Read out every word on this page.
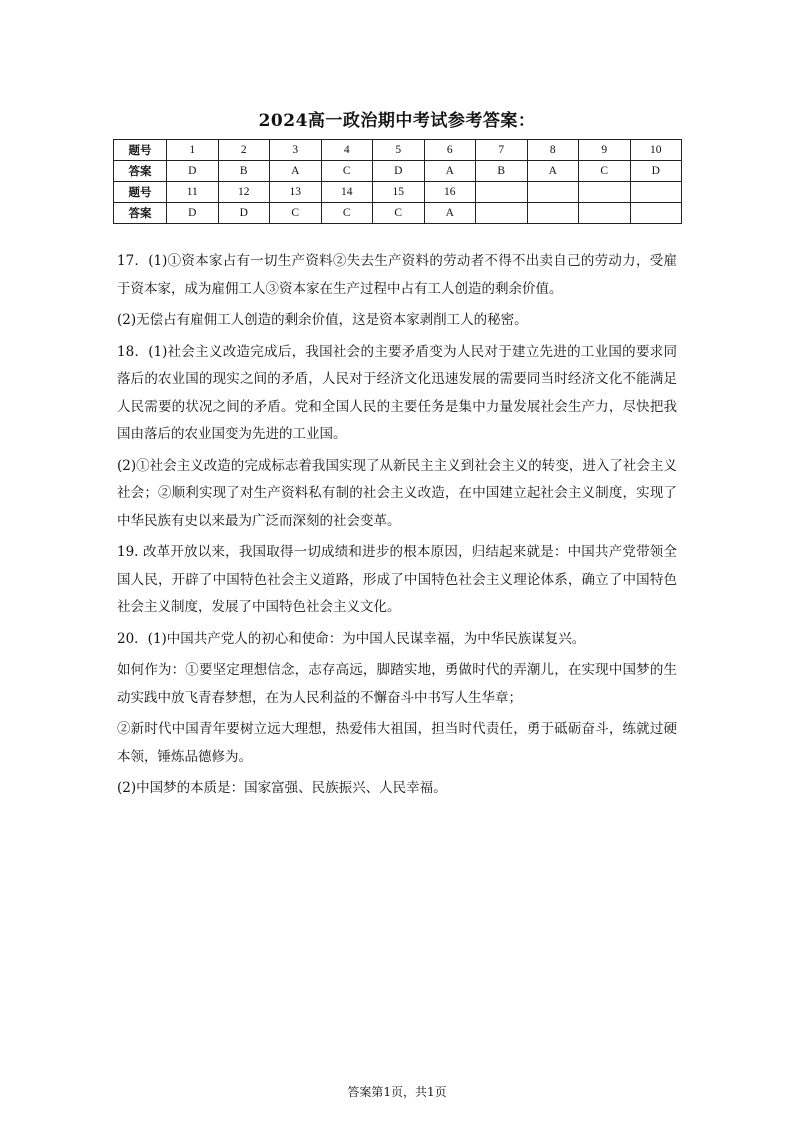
2024高一政治期中考试参考答案：
题号	1	2	3	4	5	6	7	8	9	10
答案	D	B	A	C	D	A	B	A	C	D
题号	11	12	13	14	15	16				
答案	D	D	C	C	C	A				

17．(1)①资本家占有一切生产资料②失去生产资料的劳动者不得不出卖自己的劳动力，受雇于资本家，成为雇佣工人③资本家在生产过程中占有工人创造的剩余价值。

(2)无偿占有雇佣工人创造的剩余价值，这是资本家剥削工人的秘密。

18．(1)社会主义改造完成后，我国社会的主要矛盾变为人民对于建立先进的工业国的要求同落后的农业国的现实之间的矛盾，人民对于经济文化迅速发展的需要同当时经济文化不能满足人民需要的状况之间的矛盾。党和全国人民的主要任务是集中力量发展社会生产力，尽快把我国由落后的农业国变为先进的工业国。

(2)①社会主义改造的完成标志着我国实现了从新民主主义到社会主义的转变，进入了社会主义社会；②顺利实现了对生产资料私有制的社会主义改造，在中国建立起社会主义制度，实现了中华民族有史以来最为广泛而深刻的社会变革。

19. 改革开放以来，我国取得一切成绩和进步的根本原因，归结起来就是：中国共产党带领全国人民，开辟了中国特色社会主义道路，形成了中国特色社会主义理论体系，确立了中国特色社会主义制度，发展了中国特色社会主义文化。

20．(1)中国共产党人的初心和使命：为中国人民谋幸福，为中华民族谋复兴。

如何作为：①要坚定理想信念，志存高远，脚踏实地，勇做时代的弄潮儿，在实现中国梦的生动实践中放飞青春梦想，在为人民利益的不懈奋斗中书写人生华章；

②新时代中国青年要树立远大理想，热爱伟大祖国，担当时代责任，勇于砥砺奋斗，练就过硬本领，锤炼品德修为。

(2)中国梦的本质是：国家富强、民族振兴、人民幸福。

答案第1页，共1页
